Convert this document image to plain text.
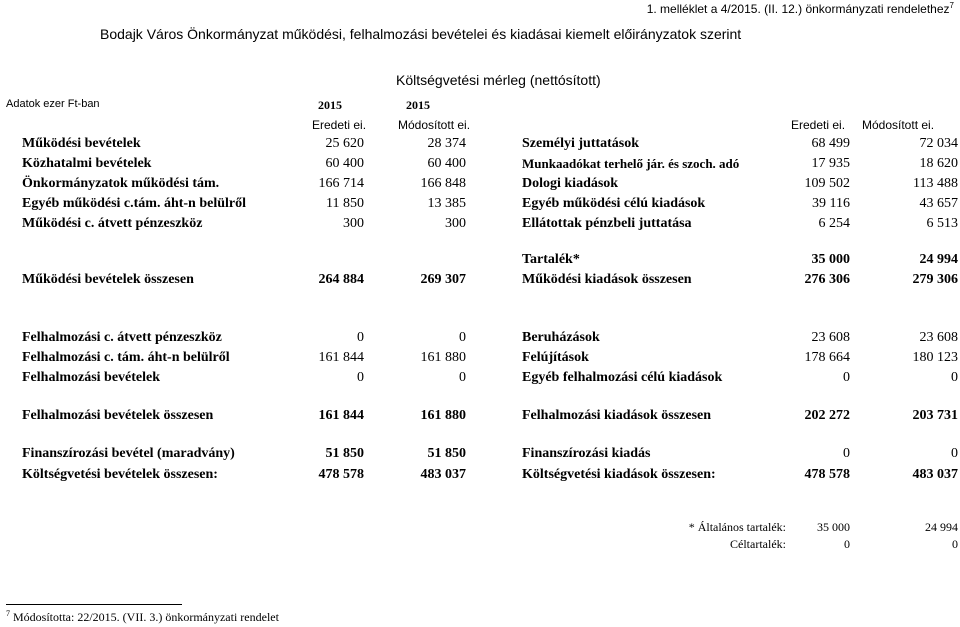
1. melléklet a 4/2015. (II. 12.) önkormányzati rendelethez$^7$
Bodajk Város Önkormányzat működési, felhalmozási bevételei és kiadásai kiemelt előirányzatok szerint
Költségvetési mérleg (nettósított)
Adatok ezer Ft-ban	2015	2015
Eredeti ei.	Módosított ei.	Eredeti ei. Módosított ei.
Működési bevételek	25 620	28 374	Személyi juttatások	68 499	72 034
Közhatalmi bevételek	60 400	60 400	Munkaadókat terhelő jár. és szoch. adó	17 935	18 620
Önkormányzatok működési tám.	166 714	166 848	Dologi kiadások	109 502	113 488
Egyéb működési c.tám. áht-n belülről	11 850	13 385	Egyéb működési célú kiadások	39 116	43 657
Működési c. átvett pénzeszköz	300	300	Ellátottak pénzbeli juttatása	6 254	6 513
Tartalék*	35 000	24 994
Működési bevételek összesen	264 884	269 307	Működési kiadások összesen	276 306	279 306
Felhalmozási c. átvett pénzeszköz	0	0	Beruházások	23 608	23 608
Felhalmozási c. tám. áht-n belülről	161 844	161 880	Felújítások	178 664	180 123
Felhalmozási bevételek	0	0	Egyéb felhalmozási célú kiadások	0	0
Felhalmozási bevételek összesen	161 844	161 880	Felhalmozási kiadások összesen	202 272	203 731
Finanszírozási bevétel (maradvány)	51 850	51 850	Finanszírozási kiadás	0	0
Költségvetési bevételek összesen:	478 578	483 037	Költségvetési kiadások összesen:	478 578	483 037
* Általános tartalék:	35 000	24 994
Céltartalék:	0	0
$^7$ Módosította: 22/2015. (VII. 3.) önkormányzati rendelet
